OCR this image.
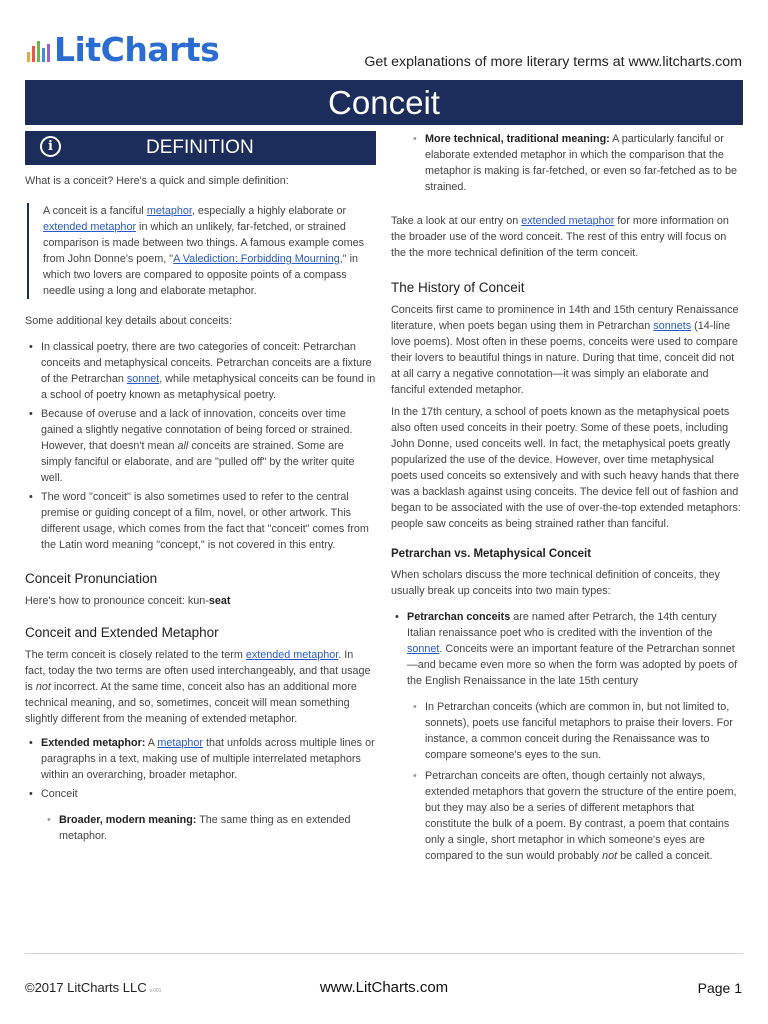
LitCharts	Get explanations of more literary terms at www.litcharts.com
Conceit
i	DEFINITION

What is a conceit? Here's a quick and simple definition:

A conceit is a fanciful metaphor, especially a highly elaborate or extended metaphor in which an unlikely, far-fetched, or strained comparison is made between two things. A famous example comes from John Donne's poem, "A Valediction: Forbidding Mourning," in which two lovers are compared to opposite points of a compass needle using a long and elaborate metaphor.

Some additional key details about conceits:

• In classical poetry, there are two categories of conceit: Petrarchan conceits and metaphysical conceits. Petrarchan conceits are a fixture of the Petrarchan sonnet, while metaphysical conceits can be found in a school of poetry known as metaphysical poetry.
• Because of overuse and a lack of innovation, conceits over time gained a slightly negative connotation of being forced or strained. However, that doesn't mean all conceits are strained. Some are simply fanciful or elaborate, and are "pulled off" by the writer quite well.
• The word "conceit" is also sometimes used to refer to the central premise or guiding concept of a film, novel, or other artwork. This different usage, which comes from the fact that "conceit" comes from the Latin word meaning "concept," is not covered in this entry.
Conceit Pronunciation

Here's how to pronounce conceit: kun-seat

Conceit and Extended Metaphor

The term conceit is closely related to the term extended metaphor. In fact, today the two terms are often used interchangeably, and that usage is not incorrect. At the same time, conceit also has an additional more technical meaning, and so, sometimes, conceit will mean something slightly different from the meaning of extended metaphor.

• Extended metaphor: A metaphor that unfolds across multiple lines or paragraphs in a text, making use of multiple interrelated metaphors within an overarching, broader metaphor.
• Conceit
• Broader, modern meaning: The same thing as en extended metaphor.
• More technical, traditional meaning: A particularly fanciful or elaborate extended metaphor in which the comparison that the metaphor is making is far-fetched, or even so far-fetched as to be strained.

Take a look at our entry on extended metaphor for more information on the broader use of the word conceit. The rest of this entry will focus on the the more technical definition of the term conceit.

The History of Conceit

Conceits first came to prominence in 14th and 15th century Renaissance literature, when poets began using them in Petrarchan sonnets (14-line love poems). Most often in these poems, conceits were used to compare their lovers to beautiful things in nature. During that time, conceit did not at all carry a negative connotation—it was simply an elaborate and fanciful extended metaphor.

In the 17th century, a school of poets known as the metaphysical poets also often used conceits in their poetry. Some of these poets, including John Donne, used conceits well. In fact, the metaphysical poets greatly popularized the use of the device. However, over time metaphysical poets used conceits so extensively and with such heavy hands that there was a backlash against using conceits. The device fell out of fashion and began to be associated with the use of over-the-top extended metaphors: people saw conceits as being strained rather than fanciful.

Petrarchan vs. Metaphysical Conceit

When scholars discuss the more technical definition of conceits, they usually break up conceits into two main types:

• Petrarchan conceits are named after Petrarch, the 14th century Italian renaissance poet who is credited with the invention of the sonnet. Conceits were an important feature of the Petrarchan sonnet—and became even more so when the form was adopted by poets of the English Renaissance in the late 15th century
• In Petrarchan conceits (which are common in, but not limited to, sonnets), poets use fanciful metaphors to praise their lovers. For instance, a common conceit during the Renaissance was to compare someone's eyes to the sun.
• Petrarchan conceits are often, though certainly not always, extended metaphors that govern the structure of the entire poem, but they may also be a series of different metaphors that constitute the bulk of a poem. By contrast, a poem that contains only a single, short metaphor in which someone's eyes are compared to the sun would probably not be called a conceit.
©2017 LitCharts LLC v.001	www.LitCharts.com	Page 1
